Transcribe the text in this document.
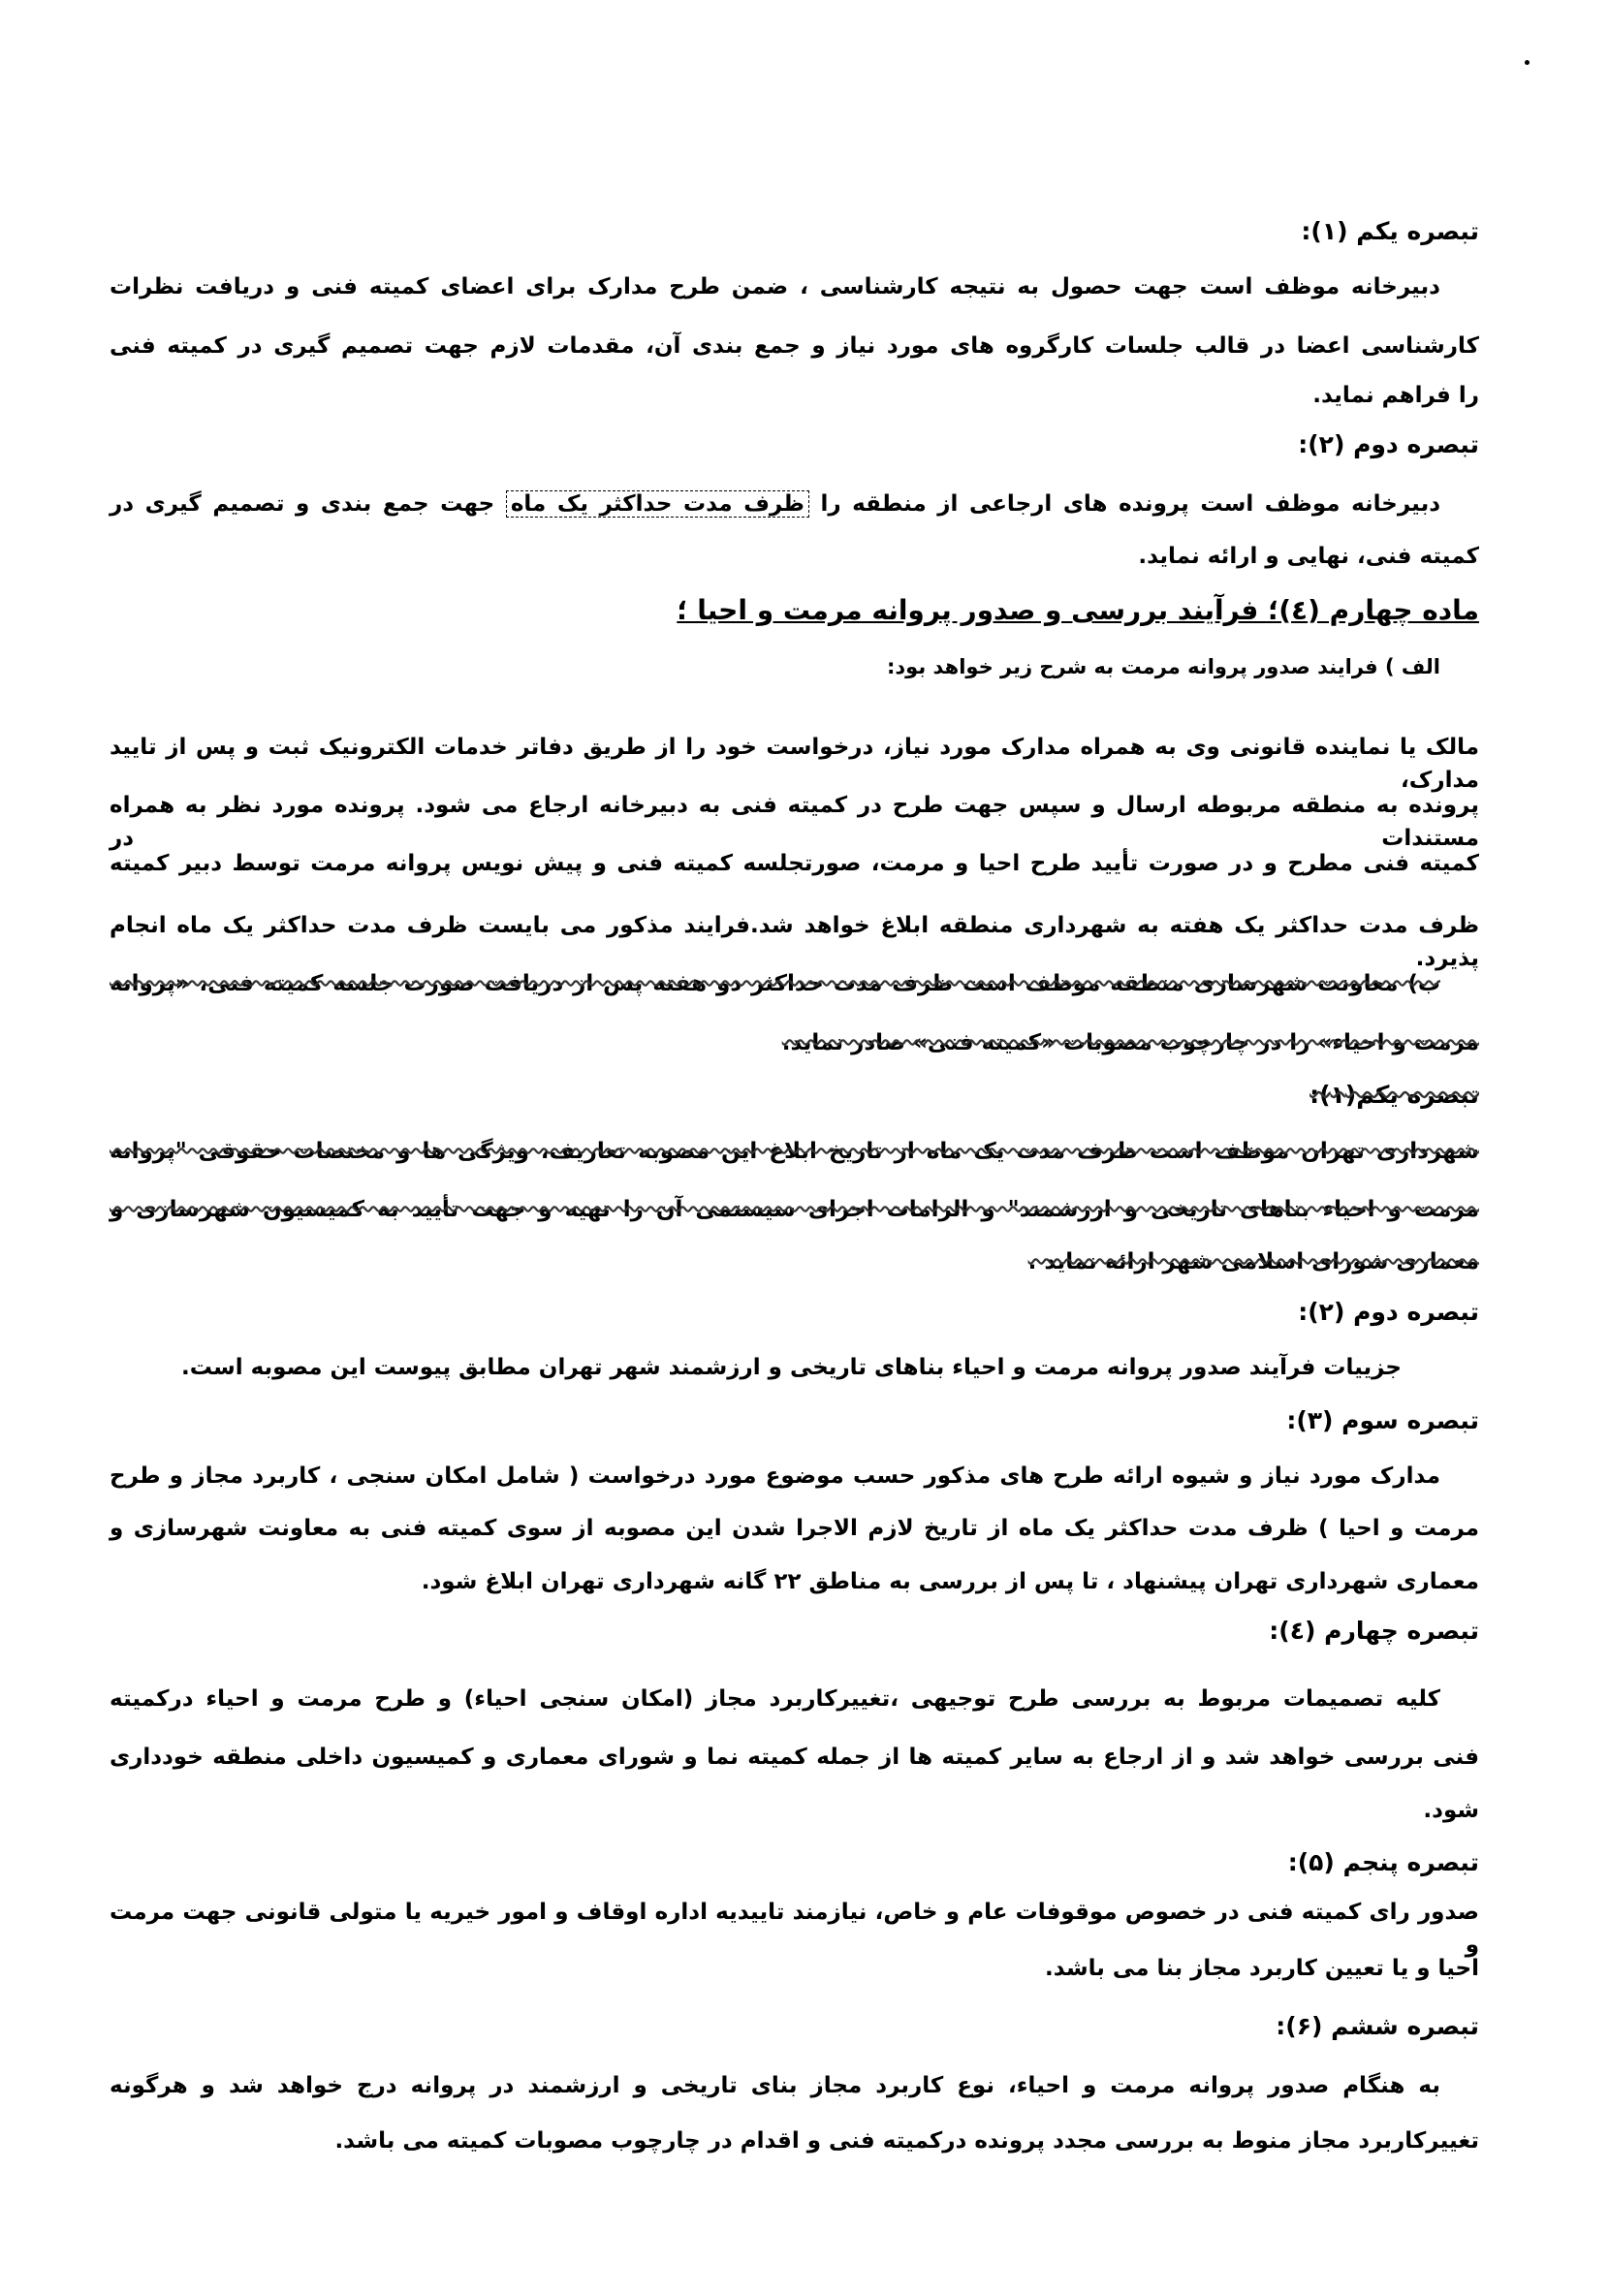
تبصره یکم (۱):
دبیرخانه موظف است جهت حصول به نتیجه کارشناسی ، ضمن طرح مدارک برای اعضای کمیته فنی و دریافت نظرات
کارشناسی اعضا در قالب جلسات کارگروه های مورد نیاز و جمع بندی آن، مقدمات لازم جهت تصمیم گیری در کمیته فنی
را فراهم نماید.
تبصره دوم (۲):
دبیرخانه موظف است پرونده های ارجاعی از منطقه را ظرف مدت حداکثر یک ماه جهت جمع بندی و تصمیم گیری در
کمیته فنی، نهایی و ارائه نماید.
ماده چهارم (٤)؛ فرآیند بررسی و صدور پروانه مرمت و احیا ؛
الف ) فرایند صدور پروانه مرمت به شرح زیر خواهد بود:
مالک یا نماینده قانونی وی به همراه مدارک مورد نیاز، درخواست خود را از طریق دفاتر خدمات الکترونیک ثبت و پس از تایید مدارک،
پرونده به منطقه مربوطه ارسال و سپس جهت طرح در کمیته فنی به دبیرخانه ارجاع می شود. پرونده مورد نظر به همراه مستندات در
کمیته فنی مطرح و در صورت تأیید طرح احیا و مرمت، صورتجلسه کمیته فنی و پیش نویس پروانه مرمت توسط دبیر کمیته
ظرف مدت حداکثر یک هفته به شهرداری منطقه ابلاغ خواهد شد.فرایند مذکور می بایست ظرف مدت حداکثر یک ماه انجام پذیرد.
ب) معاونت شهرسازی منطقه موظف است ظرف مدت حداکثر دو هفته پس از دریافت صورت جلسه کمیته فنی، «پروانه
مرمت و احیاء» را در چارچوب مصوبات «کمیته فنی» صادر نماید.
تبصره یکم(۱):
شهرداری تهران موظف است ظرف مدت یک ماه از تاریخ ابلاغ این مصوبه تعاریف، ویژگی ها و مختصات حقوقی "پروانه
مرمت و احیاء بناهای تاریخی و ارزشمند" و الزامات اجرای سیستمی آن را تهیه و جهت تأیید به کمیسیون شهرسازی و
معماری شورای اسلامی شهر ارائه نماید .
تبصره دوم (۲):
جزییات فرآیند صدور پروانه مرمت و احیاء بناهای تاریخی و ارزشمند شهر تهران مطابق پیوست این مصوبه است.
تبصره سوم (۳):
مدارک مورد نیاز و شیوه ارائه طرح های مذکور حسب موضوع مورد درخواست ( شامل امکان سنجی ، کاربرد مجاز و طرح
مرمت و احیا ) ظرف مدت حداکثر یک ماه از تاریخ لازم الاجرا شدن این مصوبه از سوی کمیته فنی به معاونت شهرسازی و
معماری شهرداری تهران پیشنهاد ، تا پس از بررسی به مناطق ۲۲ گانه شهرداری تهران ابلاغ شود.
تبصره چهارم (٤):
کلیه تصمیمات مربوط به بررسی طرح توجیهی ،تغییرکاربرد مجاز (امکان سنجی احیاء) و طرح مرمت و احیاء درکمیته
فنی بررسی خواهد شد و از ارجاع به سایر کمیته ها از جمله کمیته نما و شورای معماری و کمیسیون داخلی منطقه خودداری
شود.
تبصره پنجم (۵):
صدور رای کمیته فنی در خصوص موقوفات عام و خاص، نیازمند تاییدیه اداره اوقاف و امور خیریه یا متولی قانونی جهت مرمت و
احیا و یا تعیین کاربرد مجاز بنا می باشد.
تبصره ششم (۶):
به هنگام صدور پروانه مرمت و احیاء، نوع کاربرد مجاز بنای تاریخی و ارزشمند در پروانه درج خواهد شد و هرگونه
تغییرکاربرد مجاز منوط به بررسی مجدد پرونده درکمیته فنی و اقدام در چارچوب مصوبات کمیته می باشد.
